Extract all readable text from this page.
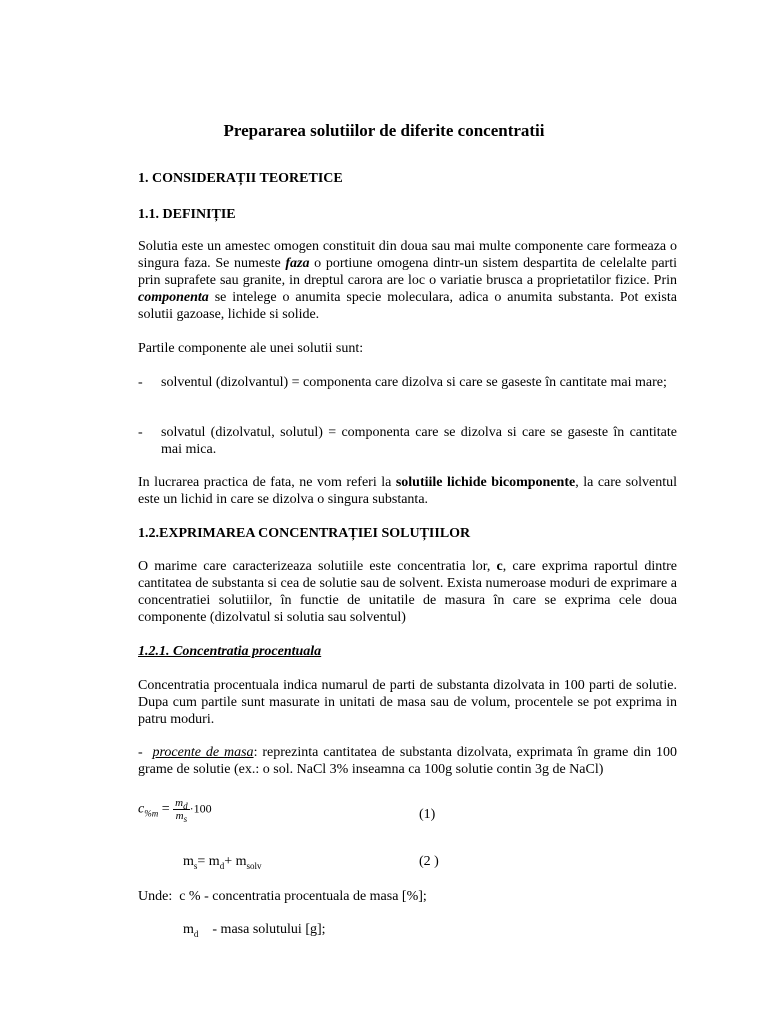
Prepararea solutiilor de diferite concentratii

1. CONSIDERAȚII TEORETICE

1.1. DEFINIȚIE

Solutia este un amestec omogen constituit din doua sau mai multe componente care formeaza o singura faza. Se numeste faza o portiune omogena dintr-un sistem despartita de celelalte parti prin suprafete sau granite, in dreptul carora are loc o variatie brusca a proprietatilor fizice. Prin componenta se intelege o anumita specie moleculara, adica o anumita substanta. Pot exista solutii gazoase, lichide si solide.

Partile componente ale unei solutii sunt:

-	solventul (dizolvantul) = componenta care dizolva si care se gaseste în cantitate mai mare;
-	solvatul (dizolvatul, solutul) = componenta care se dizolva si care se gaseste în cantitate mai mica.

In lucrarea practica de fata, ne vom referi la solutiile lichide bicomponente, la care solventul este un lichid in care se dizolva o singura substanta.

1.2.EXPRIMAREA CONCENTRAȚIEI SOLUȚIILOR

O marime care caracterizeaza solutiile este concentratia lor, c, care exprima raportul dintre cantitatea de substanta si cea de solutie sau de solvent. Exista numeroase moduri de exprimare a concentratiei solutiilor, în functie de unitatile de masura în care se exprima cele doua componente (dizolvatul si solutia sau solventul)

1.2.1. Concentratia procentuala

Concentratia procentuala indica numarul de parti de substanta dizolvata in 100 parti de solutie. Dupa cum partile sunt masurate in unitati de masa sau de volum, procentele se pot exprima in patru moduri.

- procente de masa: reprezinta cantitatea de substanta dizolvata, exprimata în grame din 100 grame de solutie (ex.: o sol. NaCl 3% inseamna ca 100g solutie contin 3g de NaCl)

$c_{\%m} = \frac{m_d}{m_s} \cdot 100$	(1)
$m_s= m_d+ m_{solv}$	(2 )

Unde:  c % - concentratia procentuala de masa [%];

$m_d$ - masa solutului [g];
